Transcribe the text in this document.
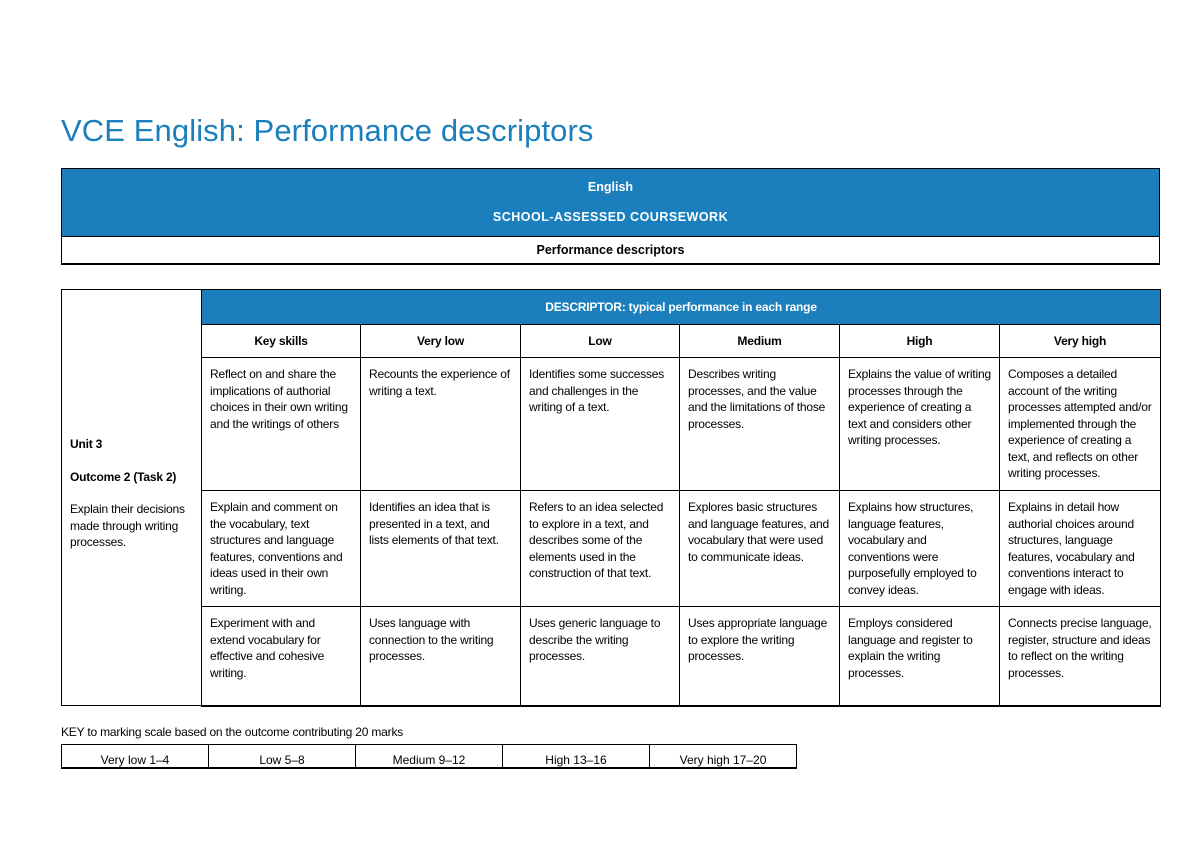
VCE English: Performance descriptors
English
SCHOOL-ASSESSED COURSEWORK

Performance descriptors
Unit 3
Outcome 2 (Task 2)
Explain their decisions made through writing processes.	DESCRIPTOR: typical performance in each range					
	Key skills	Very low	Low	Medium	High	Very high
	Reflect on and share the implications of authorial choices in their own writing and the writings of others	Recounts the experience of writing a text.	Identifies some successes and challenges in the writing of a text.	Describes writing processes, and the value and the limitations of those processes.	Explains the value of writing processes through the experience of creating a text and considers other writing processes.	Composes a detailed account of the writing processes attempted and/or implemented through the experience of creating a text, and reflects on other writing processes.
	Explain and comment on the vocabulary, text structures and language features, conventions and ideas used in their own writing.	Identifies an idea that is presented in a text, and lists elements of that text.	Refers to an idea selected to explore in a text, and describes some of the elements used in the construction of that text.	Explores basic structures and language features, and vocabulary that were used to communicate ideas.	Explains how structures, language features, vocabulary and conventions were purposefully employed to convey ideas.	Explains in detail how authorial choices around structures, language features, vocabulary and conventions interact to engage with ideas.
	Experiment with and extend vocabulary for effective and cohesive writing.	Uses language with connection to the writing processes.	Uses generic language to describe the writing processes.	Uses appropriate language to explore the writing processes.	Employs considered language and register to explain the writing processes.	Connects precise language, register, structure and ideas to reflect on the writing processes.
KEY to marking scale based on the outcome contributing 20 marks
Very low 1–4	Low 5–8	Medium 9–12	High 13–16	Very high 17–20
